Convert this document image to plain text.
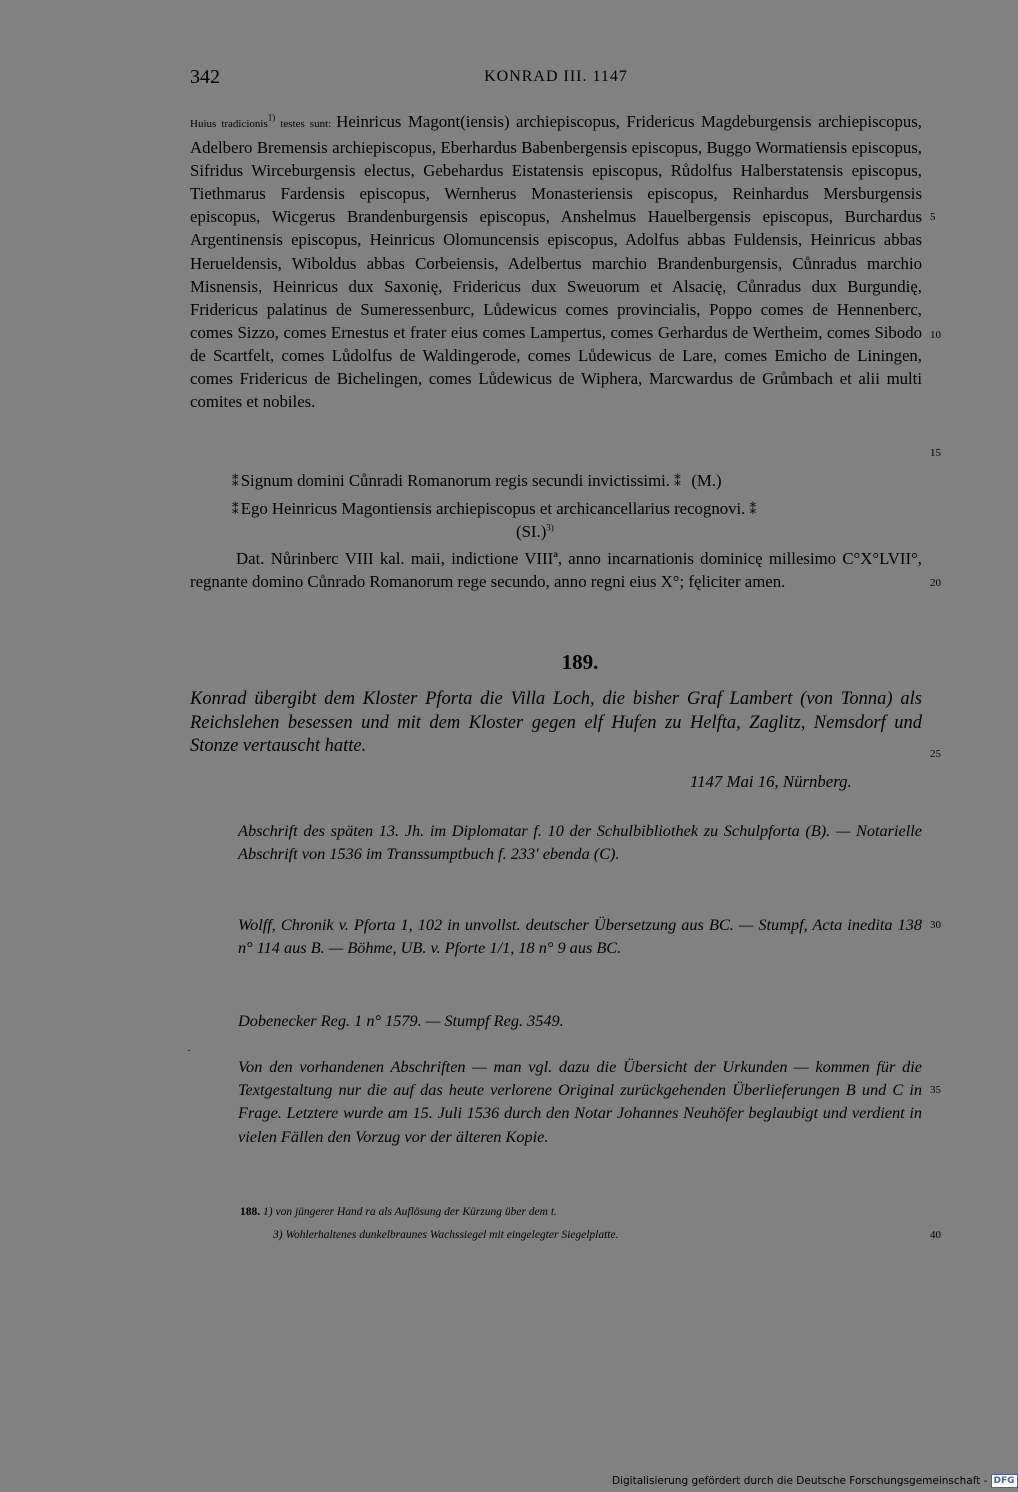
342	KONRAD III. 1147

Huius tradicionis$^{1)}$ testes sunt: Heinricus Magont(iensis) archiepiscopus, Fridericus Magdeburgensis archiepiscopus, Adelbero Bremensis archiepiscopus, Eberhardus Babenbergensis episcopus, Buggo Wormatiensis episcopus, Sifridus Wirceburgensis electus, Gebehardus Eistatensis episcopus, Růdolfus Halberstatensis episcopus, Tiethmarus Fardensis episcopus, Wernherus Monasteriensis episcopus, Reinhardus Mersburgensis episcopus, Wicgerus Brandenburgensis episcopus, Anshelmus Hauelbergensis episcopus, Burchardus Argentinensis episcopus, Heinricus Olomuncensis episcopus, Adolfus abbas Fuldensis, Heinricus abbas Herueldensis, Wiboldus abbas Corbeiensis, Adelbertus marchio Brandenburgensis, Cůnradus marchio Misnensis, Heinricus dux Saxonię, Fridericus dux Sweuorum et Alsacię, Cůnradus dux Burgundię, Fridericus palatinus de Sumeressenburc, Lůdewicus comes provincialis, Poppo comes de Hennenberc, comes Sizzo, comes Ernestus et frater eius comes Lampertus, comes Gerhardus de Wertheim, comes Sibodo de Scartfelt, comes Lůdolfus de Waldingerode, comes Lůdewicus de Lare, comes Emicho de Liningen, comes Fridericus de Bichelingen, comes Lůdewicus de Wiphera, Marcwardus de Grůmbach et alii multi comites et nobiles.

⁑ Signum domini Cůnradi Romanorum regis secundi invictissimi. ⁑ (M.)
⁑ Ego Heinricus Magontiensis archiepiscopus et archicancellarius recognovi. ⁑
$(SI.)^{3)}$
Dat. Nůrinberc VIII kal. maii, indictione VIIIª, anno incarnationis dominicę millesimo C°X°LVII°, regnante domino Cůnrado Romanorum rege secundo, anno regni eius X°; fęliciter amen.
189.
Konrad übergibt dem Kloster Pforta die Villa Loch, die bisher Graf Lambert (von Tonna) als Reichslehen besessen und mit dem Kloster gegen elf Hufen zu Helfta, Zaglitz, Nemsdorf und Stonze vertauscht hatte.
1147 Mai 16, Nürnberg.

Abschrift des späten 13. Jh. im Diplomatar f. 10 der Schulbibliothek zu Schulpforta (B). — Notarielle Abschrift von 1536 im Transsumptbuch f. 233' ebenda (C).

Wolff, Chronik v. Pforta 1, 102 in unvollst. deutscher Übersetzung aus BC. — Stumpf, Acta inedita 138 n° 114 aus B. — Böhme, UB. v. Pforte 1/1, 18 n° 9 aus BC.

Dobenecker Reg. 1 n° 1579. — Stumpf Reg. 3549.

Von den vorhandenen Abschriften — man vgl. dazu die Übersicht der Urkunden — kommen für die Textgestaltung nur die auf das heute verlorene Original zurückgehenden Überlieferungen B und C in Frage. Letztere wurde am 15. Juli 1536 durch den Notar Johannes Neuhöfer beglaubigt und verdient in vielen Fällen den Vorzug vor der älteren Kopie.

188. 1) von jüngerer Hand ra als Auflösung der Kürzung über dem t.
3) Wohlerhaltenes dunkelbraunes Wachssiegel mit eingelegter Siegelplatte.
5
10
15
20
25
30
35
40
Digitalisierung gefördert durch die Deutsche Forschungsgemeinschaft - DFG
